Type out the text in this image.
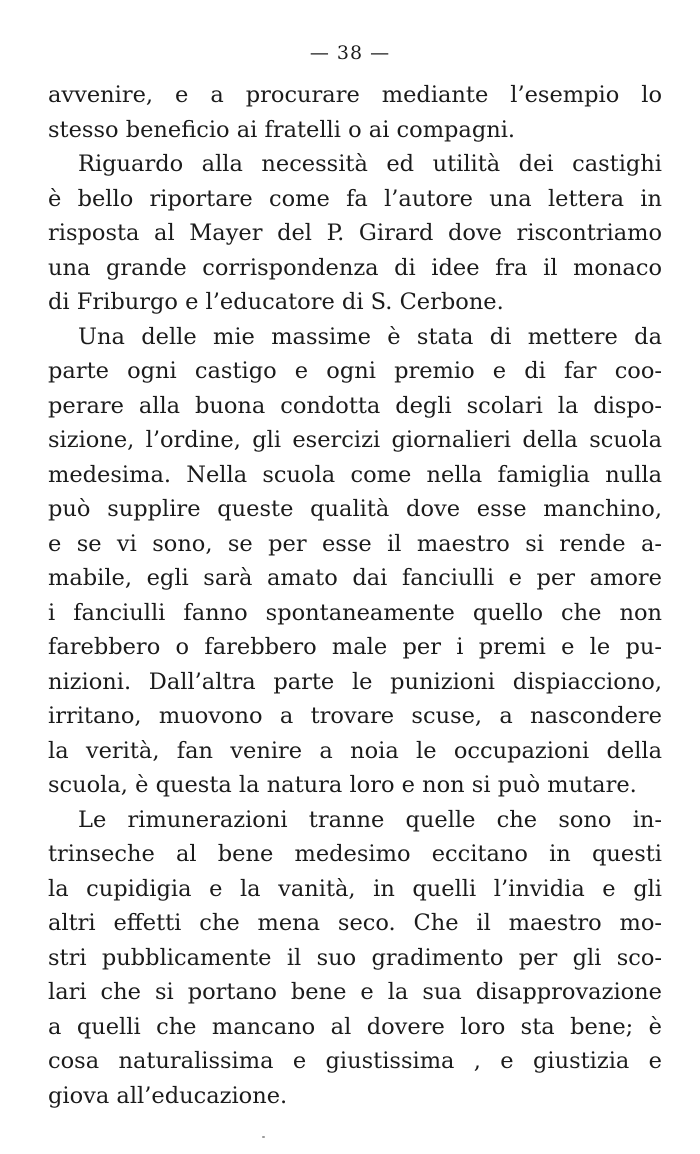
— 38 —
avvenire, e a procurare mediante l’esempio lo
stesso beneficio ai fratelli o ai compagni.
Riguardo alla necessità ed utilità dei castighi
è bello riportare come fa l’autore una lettera in
risposta al Mayer del P. Girard dove riscontriamo
una grande corrispondenza di idee fra il monaco
di Friburgo e l’educatore di S. Cerbone.
Una delle mie massime è stata di mettere da
parte ogni castigo e ogni premio e di far coo-
perare alla buona condotta degli scolari la dispo-
sizione, l’ordine, gli esercizi giornalieri della scuola
medesima. Nella scuola come nella famiglia nulla
può supplire queste qualità dove esse manchino,
e se vi sono, se per esse il maestro si rende a-
mabile, egli sarà amato dai fanciulli e per amore
i fanciulli fanno spontaneamente quello che non
farebbero o farebbero male per i premi e le pu-
nizioni. Dall’altra parte le punizioni dispiacciono,
irritano, muovono a trovare scuse, a nascondere
la verità, fan venire a noia le occupazioni della
scuola, è questa la natura loro e non si può mutare.
Le rimunerazioni tranne quelle che sono in-
trinseche al bene medesimo eccitano in questi
la cupidigia e la vanità, in quelli l’invidia e gli
altri effetti che mena seco. Che il maestro mo-
stri pubblicamente il suo gradimento per gli sco-
lari che si portano bene e la sua disapprovazione
a quelli che mancano al dovere loro sta bene; è
cosa naturalissima e giustissima , e giustizia e
giova all’educazione.
